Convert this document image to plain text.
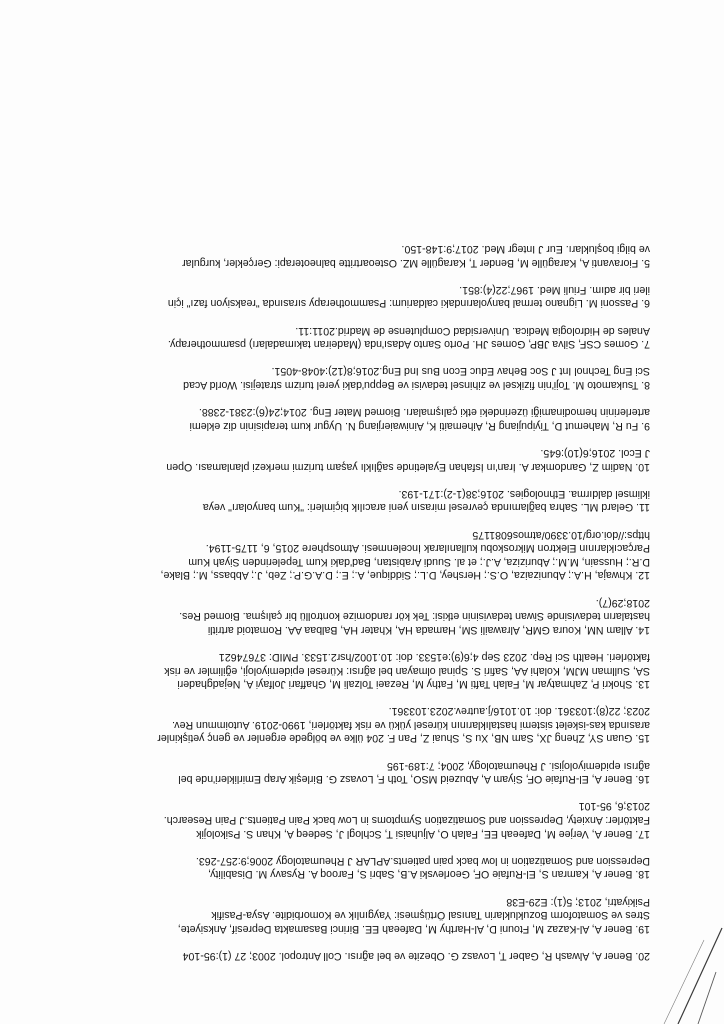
20. Bener A, Alwash R, Gaber T, Lovasz G. Obezite ve bel ağrısı. Coll Antropol. 2003; 27 (1):95-104
19. Bener A, Al-Kazaz M, Ftouni D, Al-Harthy M, Dafeeah EE. Birinci Basamakta Depresif, Anksiyete,
Stres ve Somatoform Bozukluklarin Tanısal Örtüşmesi: Yaygınlık ve Komorbidite. Asya-Pasifik
Psikiyatri, 2013; 5(1): E29-E38
18. Bener A, Kamran S, El-Rufaie OF, Georlevski A.B, Sabri S, Farooq A. Rysavy M. Disability,
Depression and Somatization in low back pain patients.APLAR J Rheumatology 2006;9:257-263.
17. Bener A, Verjee M, Dafeeah EE, Falah O, Aljuhaisi T, Schlogl J, Sedeeq A, Khan S. Psikolojik
Faktörler: Anxiety, Depression and Somatization Symptoms in Low back Pain Patients.J Pain Research.
2013;6, 95-101
16. Bener A, El-Rufaie OF, Siyam A, Abuzeid MSO, Toth F, Lovasz G. Birleşik Arap Emirlikleri'nde bel
ağrısı epidemiyolojisi. J Rheumatology, 2004; 7:189-195
15. Guan SY, Zheng JX, Sam NB, Xu S, Shuai Z, Pan F. 204 ülke ve bölgede ergenler ve genç yetişkinler
arasında kas-iskelet sistemi hastalıklarının küresel yükü ve risk faktörleri, 1990-2019. Autoimmun Rev.
2023; 22(8):103361. doi: 10.1016/j.autrev.2023.103361.
13. Shokri P, Zahmatyar M, Falah Tafti M, Fathy M, Rezaei Tolzali M, Ghaffari Jolfayi A, Nejadghaderi
SA, Sullman MJM, Kolahi AA, Safiri S. Spinal olmayan bel ağrısı: Küresel epidemiyoloji, eğilimler ve risk
faktörleri. Health Sci Rep. 2023 Sep 4;6(9):e1533. doi: 10.1002/hsr2.1533. PMID: 37674621
14. Allam NM, Koura GMR, Alrawaili SM, Hamada HA, Khater HA, Balbaa AA. Romatoid artritli
hastaların tedavisinde Siwan tedavisinin etkisi: Tek kör randomize kontrollü bir çalışma. Biomed Res.
2018;29(7).
12. Khwaja, H.A.; Abunizaiza, O.S.; Hershey, D.L.; Siddique, A.; E.; D.A.G.P.; Zeb, J.; Abbass, M.; Blake,
D.R.; Hussain, M.M.; Aburiziza, A.J.; et al. Suudi Arabistan, Bad'daki Kum Tepelerinden Siyah Kum
Parçacıklarının Elektron Mikroskobu kullanılarak İncelenmesi. Atmosphere 2015, 6, 1175-1194.
https://doi.org/10.3390/atmos6081175
11. Gelard ML. Sahra bağlamında çevresel mirasın yeni aracılık biçimleri: "Kum banyoları" veya
iklimsel daldırma. Ethnologies. 2016;38(1-2):171-193.
10. Nadim Z, Gandomkar A. İran'ın İsfahan Eyaletinde sağlıklı yaşam turizmi merkezi planlaması. Open
J Ecol. 2016;6(10):645.
9. Fu R, Mahemut D, Tiyipujiang R, Aihemaiti K, Ainiwaierjiang N. Uygur kum terapisinin diz eklemi
arterlerinin hemodinamiği üzerindeki etki çalışmaları. Biomed Mater Eng. 2014;24(6):2381-2388.
8. Tsukamoto M. Toji'nin fiziksel ve zihinsel tedavisi ve Beppu'daki yerel turizm stratejisi. World Acad
Sci Eng Technol Int J Soc Behav Educ Econ Bus Ind Eng.2016;8(12):4048-4051.
7. Gomes CSF, Silva JBP, Gomes JH. Porto Santo Adası'nda (Madeiran takımadaları) psammotherapy.
Anales de Hidrologia Medica. Universidad Complutense de Madrid.2011:11.
6. Passoni M. Lignano termal banyolarındaki caldarium: Psammotherapy sırasında "reaksiyon fazı" için
ileri bir adım. Friuli Med. 1967;22(4):851.
5. Fioravanti A, Karagülle M, Bender T, Karagülle MZ. Osteoartritte balneoterapi: Gerçekler, kurgular
ve bilgi boşlukları. Eur J Integr Med. 2017;9:148-150.
